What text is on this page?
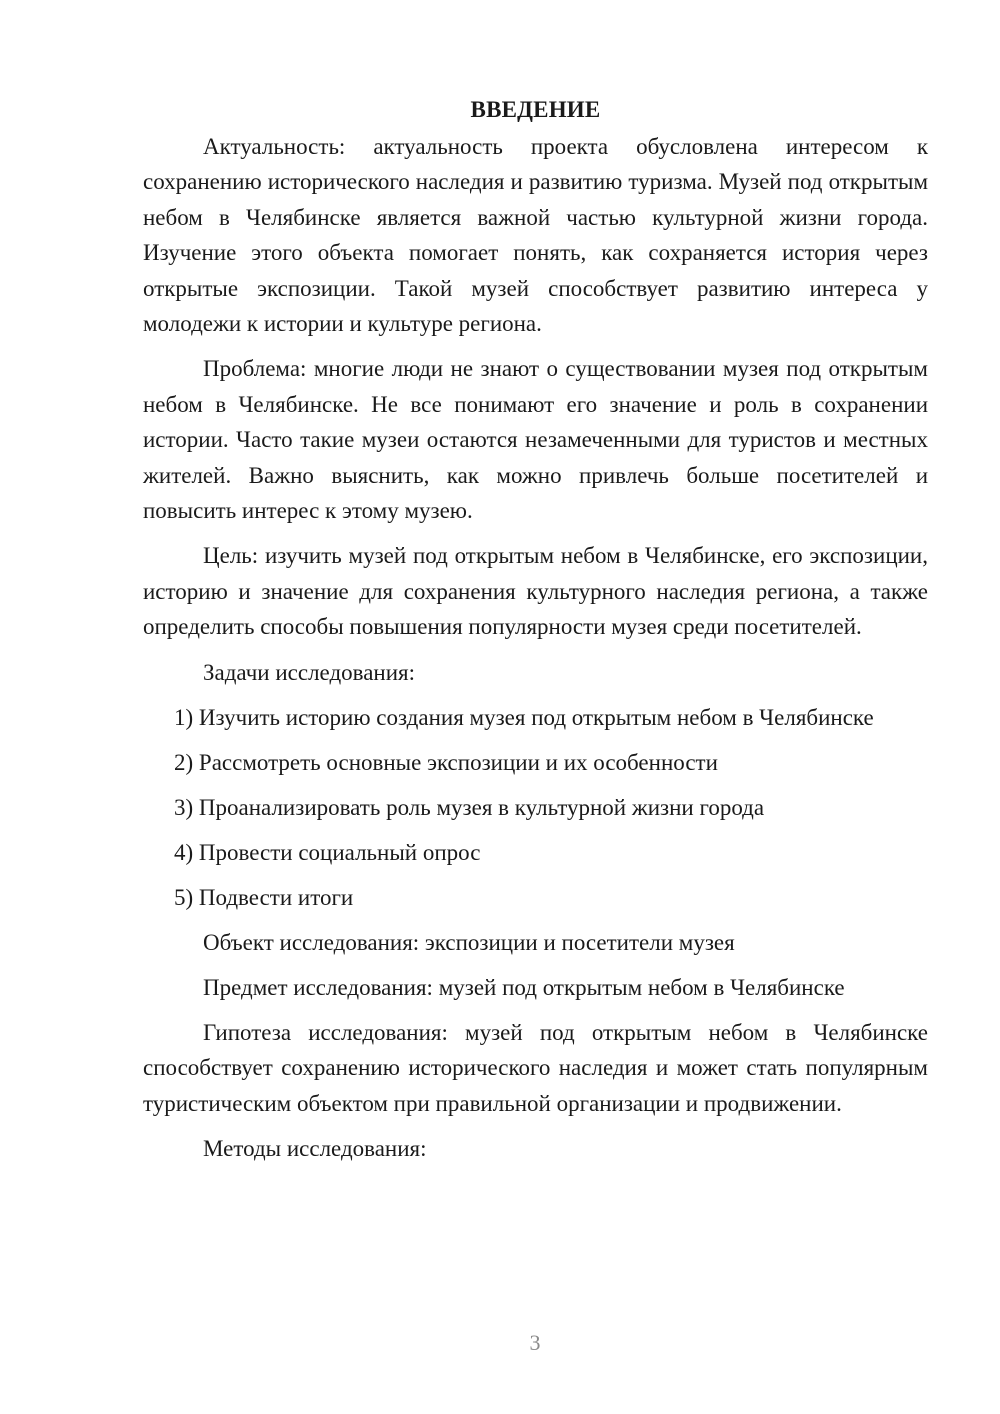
ВВЕДЕНИЕ

Актуальность: актуальность проекта обусловлена интересом к сохранению исторического наследия и развитию туризма. Музей под открытым небом в Челябинске является важной частью культурной жизни города. Изучение этого объекта помогает понять, как сохраняется история через открытые экспозиции. Такой музей способствует развитию интереса у молодежи к истории и культуре региона.

Проблема: многие люди не знают о существовании музея под открытым небом в Челябинске. Не все понимают его значение и роль в сохранении истории. Часто такие музеи остаются незамеченными для туристов и местных жителей. Важно выяснить, как можно привлечь больше посетителей и повысить интерес к этому музею.

Цель: изучить музей под открытым небом в Челябинске, его экспозиции, историю и значение для сохранения культурного наследия региона, а также определить способы повышения популярности музея среди посетителей.

Задачи исследования:
1) Изучить историю создания музея под открытым небом в Челябинске
2) Рассмотреть основные экспозиции и их особенности
3) Проанализировать роль музея в культурной жизни города
4) Провести социальный опрос
5) Подвести итоги
Объект исследования: экспозиции и посетители музея
Предмет исследования: музей под открытым небом в Челябинске

Гипотеза исследования: музей под открытым небом в Челябинске способствует сохранению исторического наследия и может стать популярным туристическим объектом при правильной организации и продвижении.

Методы исследования:
3
